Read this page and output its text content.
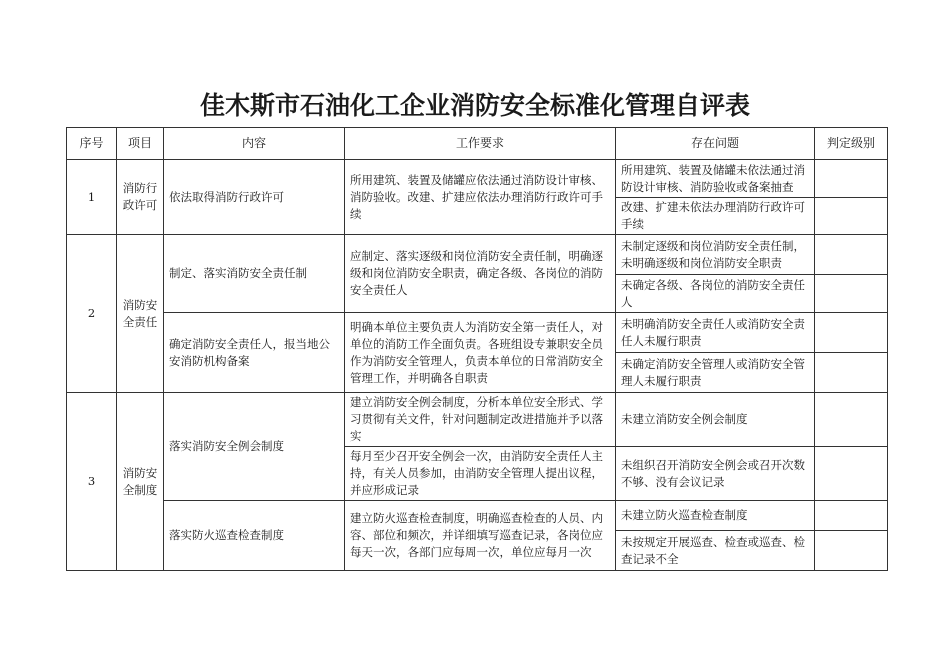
佳木斯市石油化工企业消防安全标准化管理自评表
序号	项目	内容	工作要求	存在问题	判定级别
1	消防行政许可	依法取得消防行政许可	所用建筑、装置及储罐应依法通过消防设计审核、消防验收。改建、扩建应依法办理消防行政许可手续	所用建筑、装置及储罐未依法通过消防设计审核、消防验收或备案抽查	
				改建、扩建未依法办理消防行政许可手续	
2	消防安全责任	制定、落实消防安全责任制	应制定、落实逐级和岗位消防安全责任制，明确逐级和岗位消防安全职责，确定各级、各岗位的消防安全责任人	未制定逐级和岗位消防安全责任制，未明确逐级和岗位消防安全职责	
				未确定各级、各岗位的消防安全责任人	
		确定消防安全责任人，报当地公安消防机构备案	明确本单位主要负责人为消防安全第一责任人，对单位的消防工作全面负责。各班组设专兼职安全员作为消防安全管理人，负责本单位的日常消防安全管理工作，并明确各自职责	未明确消防安全责任人或消防安全责任人未履行职责	
				未确定消防安全管理人或消防安全管理人未履行职责	
3	消防安全制度	落实消防安全例会制度	建立消防安全例会制度，分析本单位安全形式、学习贯彻有关文件，针对问题制定改进措施并予以落实	未建立消防安全例会制度	
			每月至少召开安全例会一次，由消防安全责任人主持，有关人员参加，由消防安全管理人提出议程，并应形成记录	未组织召开消防安全例会或召开次数不够、没有会议记录	
		落实防火巡查检查制度	建立防火巡查检查制度，明确巡查检查的人员、内容、部位和频次，并详细填写巡查记录，各岗位应每天一次，各部门应每周一次，单位应每月一次	未建立防火巡查检查制度	
				未按规定开展巡查、检查或巡查、检查记录不全	
